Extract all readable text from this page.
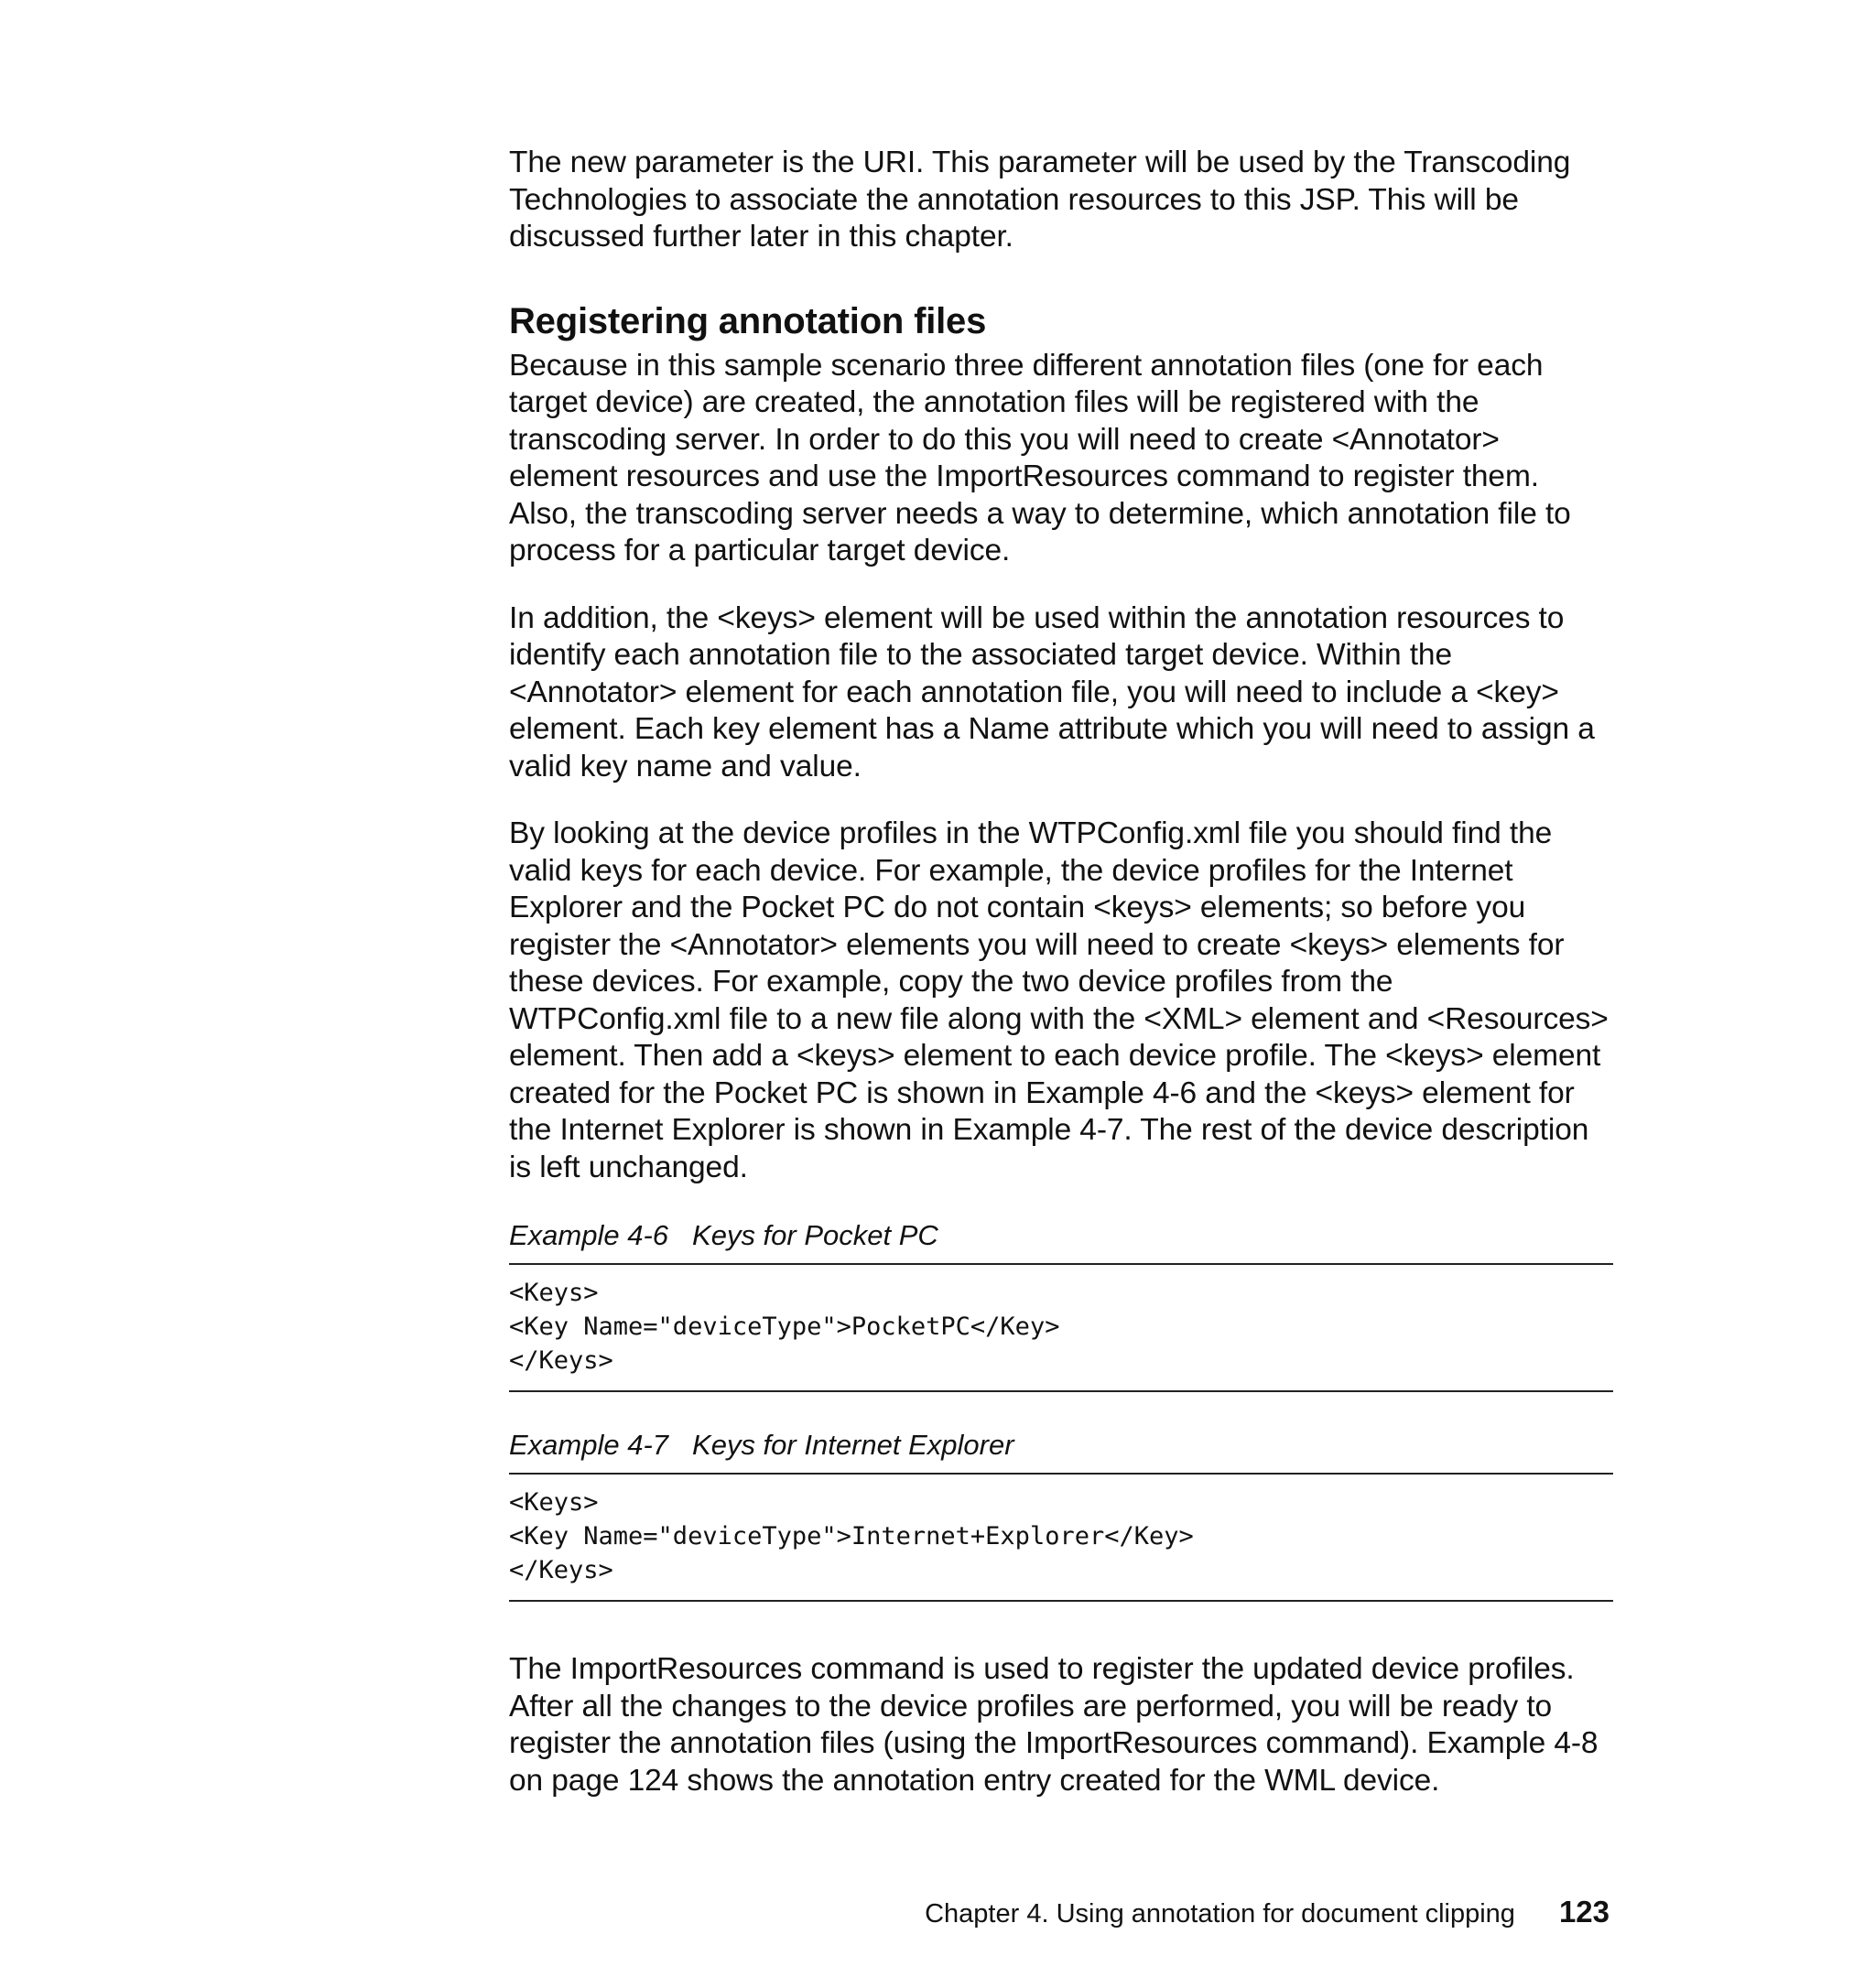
The new parameter is the URI. This parameter will be used by the Transcoding Technologies to associate the annotation resources to this JSP. This will be discussed further later in this chapter.

Registering annotation files

Because in this sample scenario three different annotation files (one for each target device) are created, the annotation files will be registered with the transcoding server. In order to do this you will need to create <Annotator> element resources and use the ImportResources command to register them. Also, the transcoding server needs a way to determine, which annotation file to process for a particular target device.

In addition, the <keys> element will be used within the annotation resources to identify each annotation file to the associated target device. Within the <Annotator> element for each annotation file, you will need to include a <key> element. Each key element has a Name attribute which you will need to assign a valid key name and value.

By looking at the device profiles in the WTPConfig.xml file you should find the valid keys for each device. For example, the device profiles for the Internet Explorer and the Pocket PC do not contain <keys> elements; so before you register the <Annotator> elements you will need to create <keys> elements for these devices. For example, copy the two device profiles from the WTPConfig.xml file to a new file along with the <XML> element and <Resources> element. Then add a <keys> element to each device profile. The <keys> element created for the Pocket PC is shown in Example 4-6 and the <keys> element for the Internet Explorer is shown in Example 4-7. The rest of the device description is left unchanged.

Example 4-6 Keys for Pocket PC
<Keys>
<Key Name="deviceType">PocketPC</Key>
</Keys>
Example 4-7 Keys for Internet Explorer
<Keys>
<Key Name="deviceType">Internet+Explorer</Key>
</Keys>

The ImportResources command is used to register the updated device profiles. After all the changes to the device profiles are performed, you will be ready to register the annotation files (using the ImportResources command). Example 4-8 on page 124 shows the annotation entry created for the WML device.

Chapter 4. Using annotation for document clipping 123
